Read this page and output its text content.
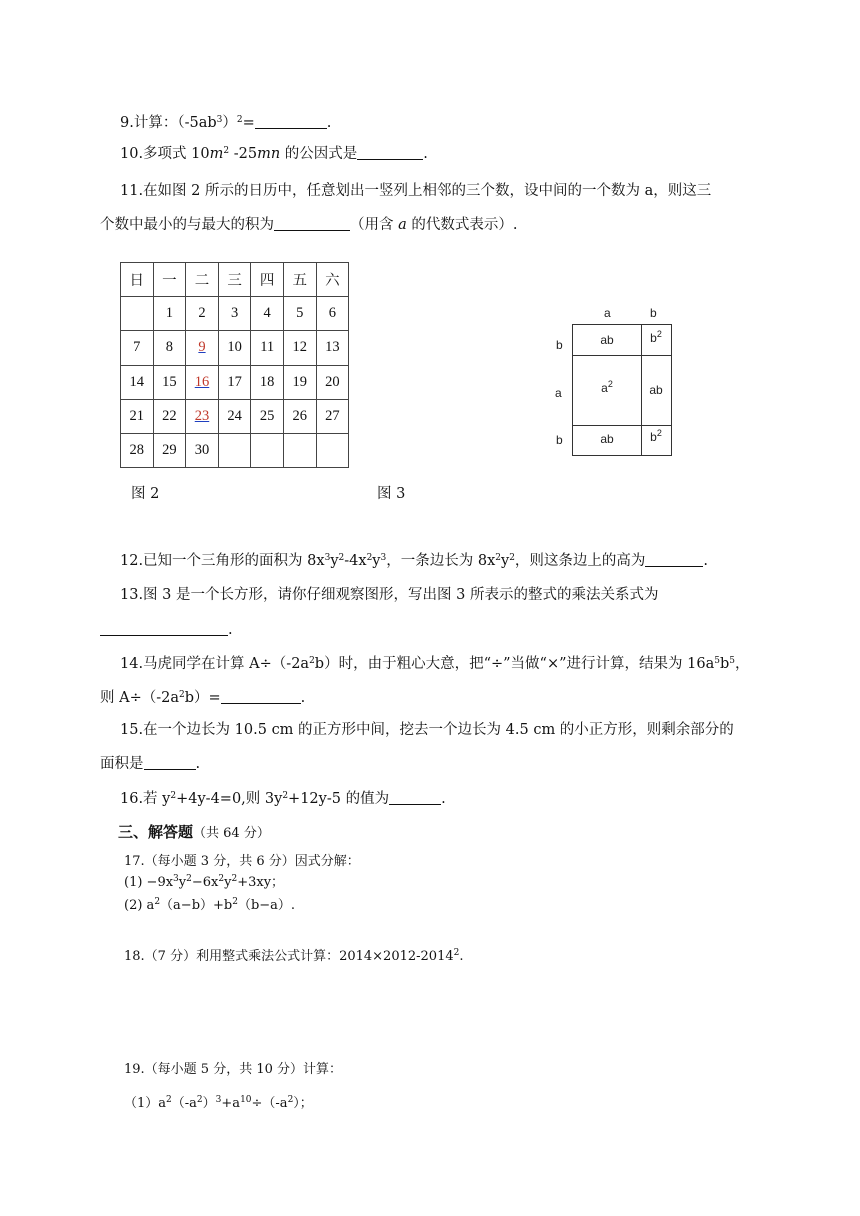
9.计算：$(-5ab^3)^2=$	.
10.多项式 $10m^2$ -25mn 的公因式是	.
11.在如图 2 所示的日历中，任意划出一竖列上相邻的三个数，设中间的一个数为 a，则这三
个数中最小的与最大的积为	（用含 a 的代数式表示）.
日	一	二	三	四	五	六
	1	2	3	4	5	6
7	8	9	10	11	12	13
14	15	16	17	18	19	20
21	22	23	24	25	26	27
28	29	30				
a	b
b
a
b
ab	$b^2$
$a^2$	ab
ab	$b^2$
图 2	图 3
12.已知一个三角形的面积为 $8x^3y^2-4x^2y^3$，一条边长为 $8x^2y^2$，则这条边上的高为	.
13.图 3 是一个长方形，请你仔细观察图形，写出图 3 所表示的整式的乘法关系式为
.
14.马虎同学在计算 $A\div(-2a^2b)$时，由于粗心大意，把“÷”当做“×”进行计算，结果为 $16a^5b^5$，
则 $A\div(-2a^2b)=$	.
15.在一个边长为 10.5 cm 的正方形中间，挖去一个边长为 4.5 cm 的小正方形，则剩余部分的
面积是	.
16.若 $y^2+4y-4=0$,则 $3y^2+12y-5$ 的值为	.
三、解答题（共 64 分）
17.（每小题 3 分，共 6 分）因式分解：
$(1) -9x^3y^2-6x^2y^2+3xy$；
(2) $a^2(a-b)+b^2(b-a)$.
18.（7 分）利用整式乘法公式计算：$2014\times 2012-2014^2$.
19.（每小题 5 分，共 10 分）计算：
$(1)a^2(-a^2)^3+a^{10}\div(-a^2)$；
